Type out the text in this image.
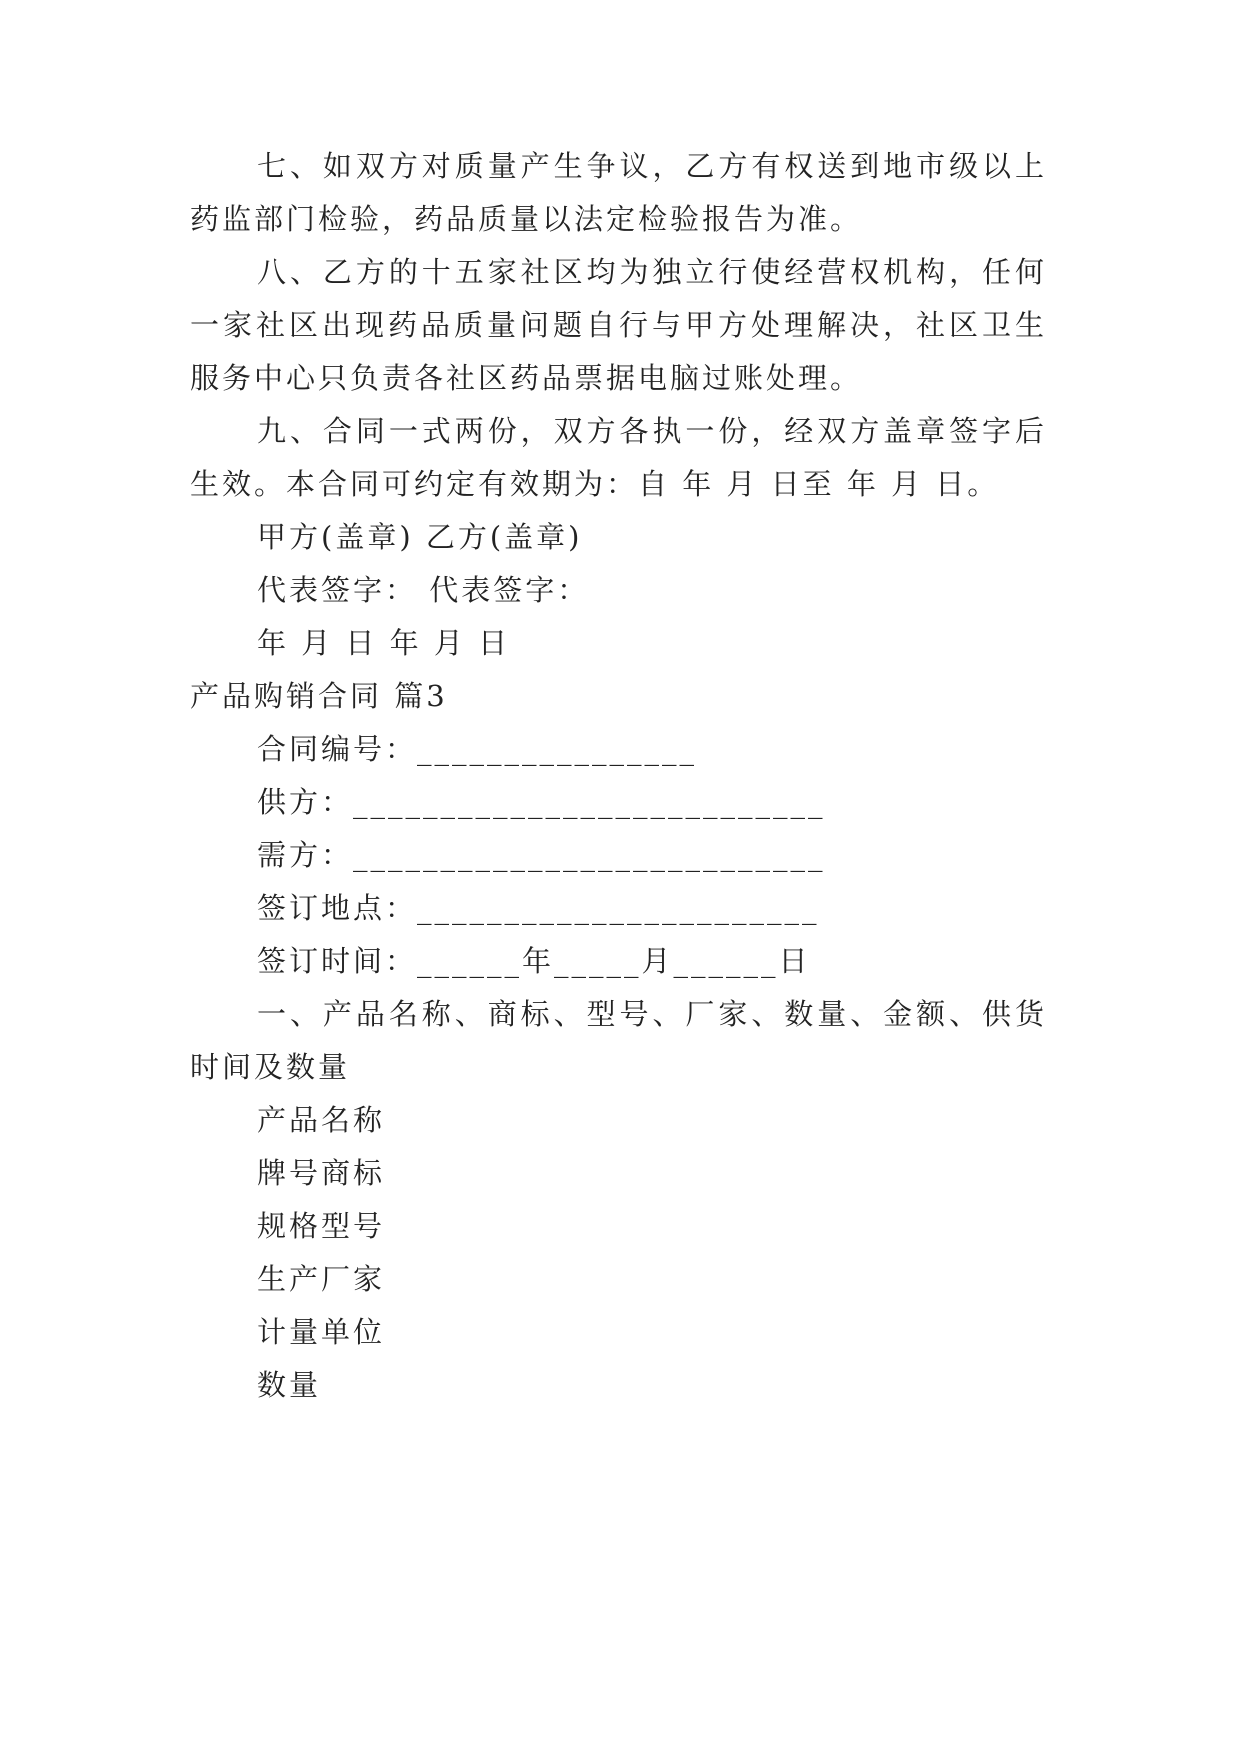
七、如双方对质量产生争议，乙方有权送到地市级以上
药监部门检验，药品质量以法定检验报告为准。
八、乙方的十五家社区均为独立行使经营权机构，任何
一家社区出现药品质量问题自行与甲方处理解决，社区卫生
服务中心只负责各社区药品票据电脑过账处理。
九、合同一式两份，双方各执一份，经双方盖章签字后
生效。本合同可约定有效期为：自 年 月 日至 年 月 日。
甲方(盖章) 乙方(盖章)
代表签字： 代表签字：
年 月 日 年 月 日
产品购销合同 篇3
合同编号：________________
供方：___________________________
需方：___________________________
签订地点：_______________________
签订时间：______年_____月______日
一、产品名称、商标、型号、厂家、数量、金额、供货
时间及数量
产品名称
牌号商标
规格型号
生产厂家
计量单位
数量
